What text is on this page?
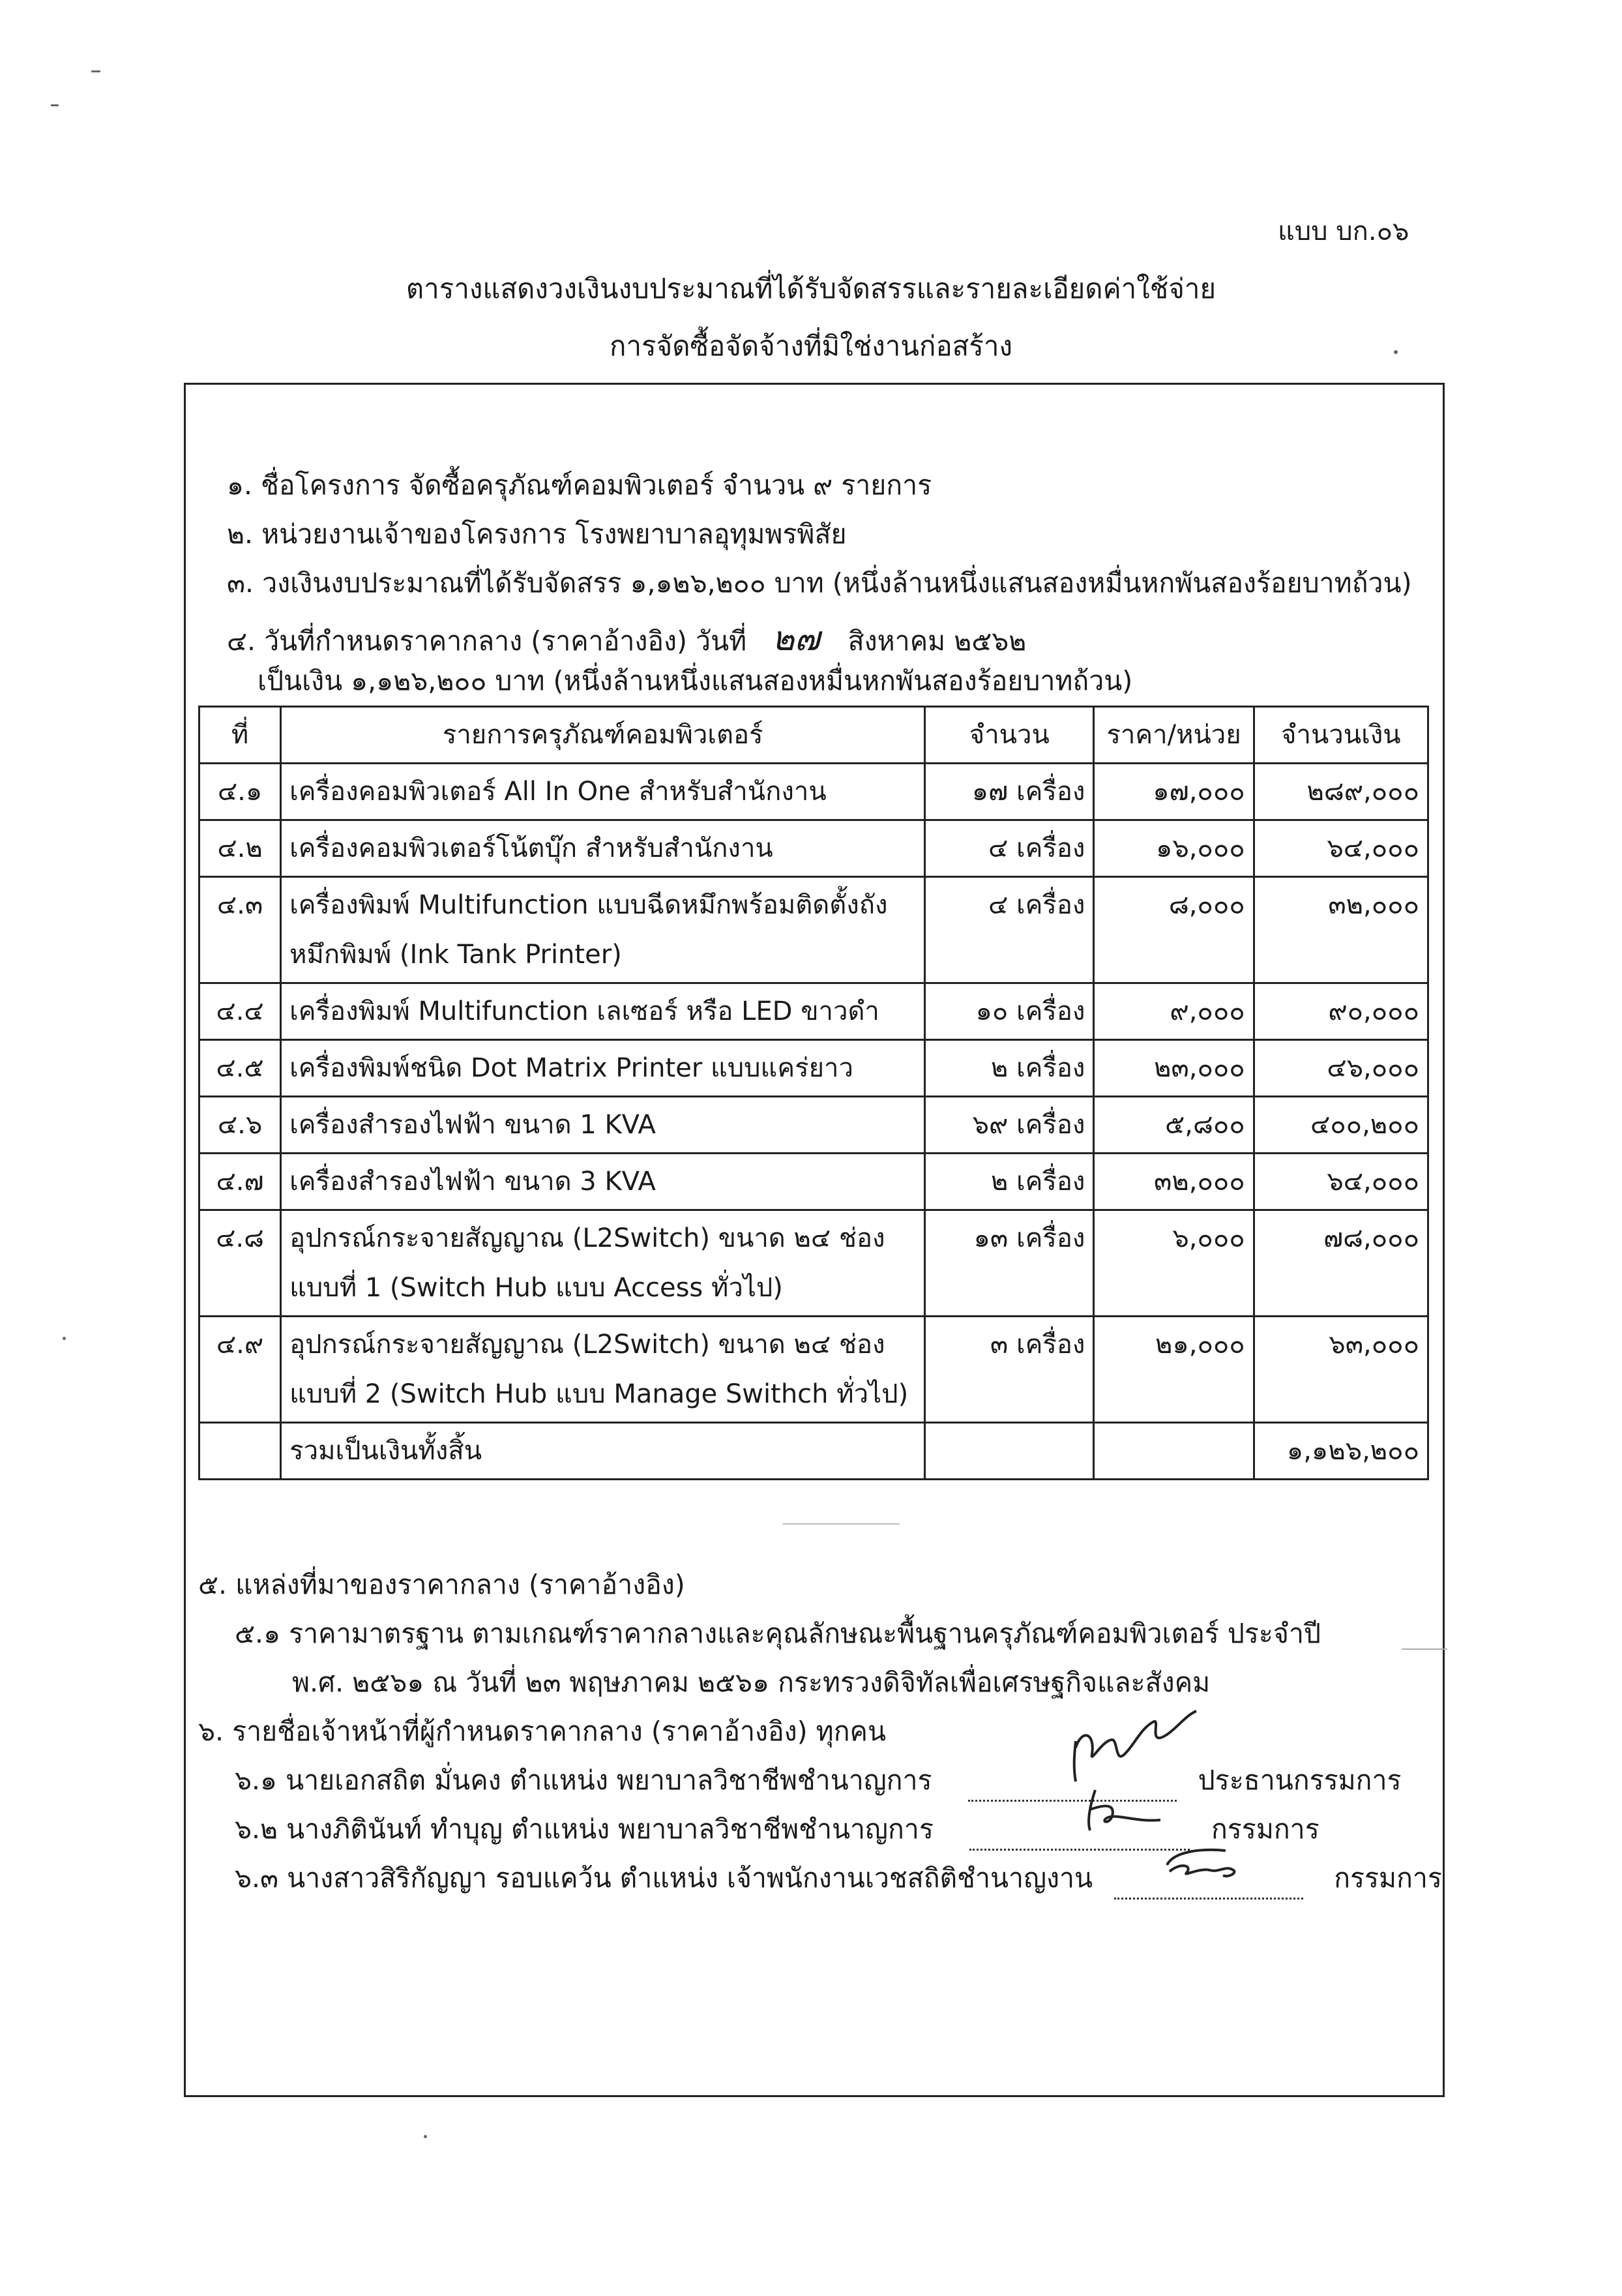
แบบ บก.๐๖
ตารางแสดงวงเงินงบประมาณที่ได้รับจัดสรรและรายละเอียดค่าใช้จ่าย
การจัดซื้อจัดจ้างที่มิใช่งานก่อสร้าง
๑. ชื่อโครงการ จัดซื้อครุภัณฑ์คอมพิวเตอร์ จำนวน ๙ รายการ
๒. หน่วยงานเจ้าของโครงการ โรงพยาบาลอุทุมพรพิสัย
๓. วงเงินงบประมาณที่ได้รับจัดสรร ๑,๑๒๖,๒๐๐ บาท (หนึ่งล้านหนึ่งแสนสองหมื่นหกพันสองร้อยบาทถ้วน)
๔. วันที่กำหนดราคากลาง (ราคาอ้างอิง) วันที่ ๒๗ สิงหาคม ๒๕๖๒
เป็นเงิน ๑,๑๒๖,๒๐๐ บาท (หนึ่งล้านหนึ่งแสนสองหมื่นหกพันสองร้อยบาทถ้วน)
ที่	รายการครุภัณฑ์คอมพิวเตอร์	จำนวน	ราคา/หน่วย	จำนวนเงิน
๔.๑	เครื่องคอมพิวเตอร์ All In One สำหรับสำนักงาน	๑๗ เครื่อง	๑๗,๐๐๐	๒๘๙,๐๐๐
๔.๒	เครื่องคอมพิวเตอร์โน้ตบุ๊ก สำหรับสำนักงาน	๔ เครื่อง	๑๖,๐๐๐	๖๔,๐๐๐
๔.๓	เครื่องพิมพ์ Multifunction แบบฉีดหมึกพร้อมติดตั้งถังหมึกพิมพ์ (Ink Tank Printer)	๔ เครื่อง	๘,๐๐๐	๓๒,๐๐๐
๔.๔	เครื่องพิมพ์ Multifunction เลเซอร์ หรือ LED ขาวดำ	๑๐ เครื่อง	๙,๐๐๐	๙๐,๐๐๐
๔.๕	เครื่องพิมพ์ชนิด Dot Matrix Printer แบบแคร่ยาว	๒ เครื่อง	๒๓,๐๐๐	๔๖,๐๐๐
๔.๖	เครื่องสำรองไฟฟ้า ขนาด 1 KVA	๖๙ เครื่อง	๕,๘๐๐	๔๐๐,๒๐๐
๔.๗	เครื่องสำรองไฟฟ้า ขนาด 3 KVA	๒ เครื่อง	๓๒,๐๐๐	๖๔,๐๐๐
๔.๘	อุปกรณ์กระจายสัญญาณ (L2Switch) ขนาด ๒๔ ช่อง แบบที่ 1 (Switch Hub แบบ Access ทั่วไป)	๑๓ เครื่อง	๖,๐๐๐	๗๘,๐๐๐
๔.๙	อุปกรณ์กระจายสัญญาณ (L2Switch) ขนาด ๒๔ ช่อง แบบที่ 2 (Switch Hub แบบ Manage Swithch ทั่วไป)	๓ เครื่อง	๒๑,๐๐๐	๖๓,๐๐๐
	รวมเป็นเงินทั้งสิ้น			๑,๑๒๖,๒๐๐
๕. แหล่งที่มาของราคากลาง (ราคาอ้างอิง)
๕.๑ ราคามาตรฐาน ตามเกณฑ์ราคากลางและคุณลักษณะพื้นฐานครุภัณฑ์คอมพิวเตอร์ ประจำปี
พ.ศ. ๒๕๖๑ ณ วันที่ ๒๓ พฤษภาคม ๒๕๖๑ กระทรวงดิจิทัลเพื่อเศรษฐกิจและสังคม
๖. รายชื่อเจ้าหน้าที่ผู้กำหนดราคากลาง (ราคาอ้างอิง) ทุกคน
๖.๑ นายเอกสถิต มั่นคง ตำแหน่ง พยาบาลวิชาชีพชำนาญการ	ประธานกรรมการ
๖.๒ นางภิตินันท์ ทำบุญ ตำแหน่ง พยาบาลวิชาชีพชำนาญการ	กรรมการ
๖.๓ นางสาวสิริกัญญา รอบแคว้น ตำแหน่ง เจ้าพนักงานเวชสถิติชำนาญงาน	กรรมการ
